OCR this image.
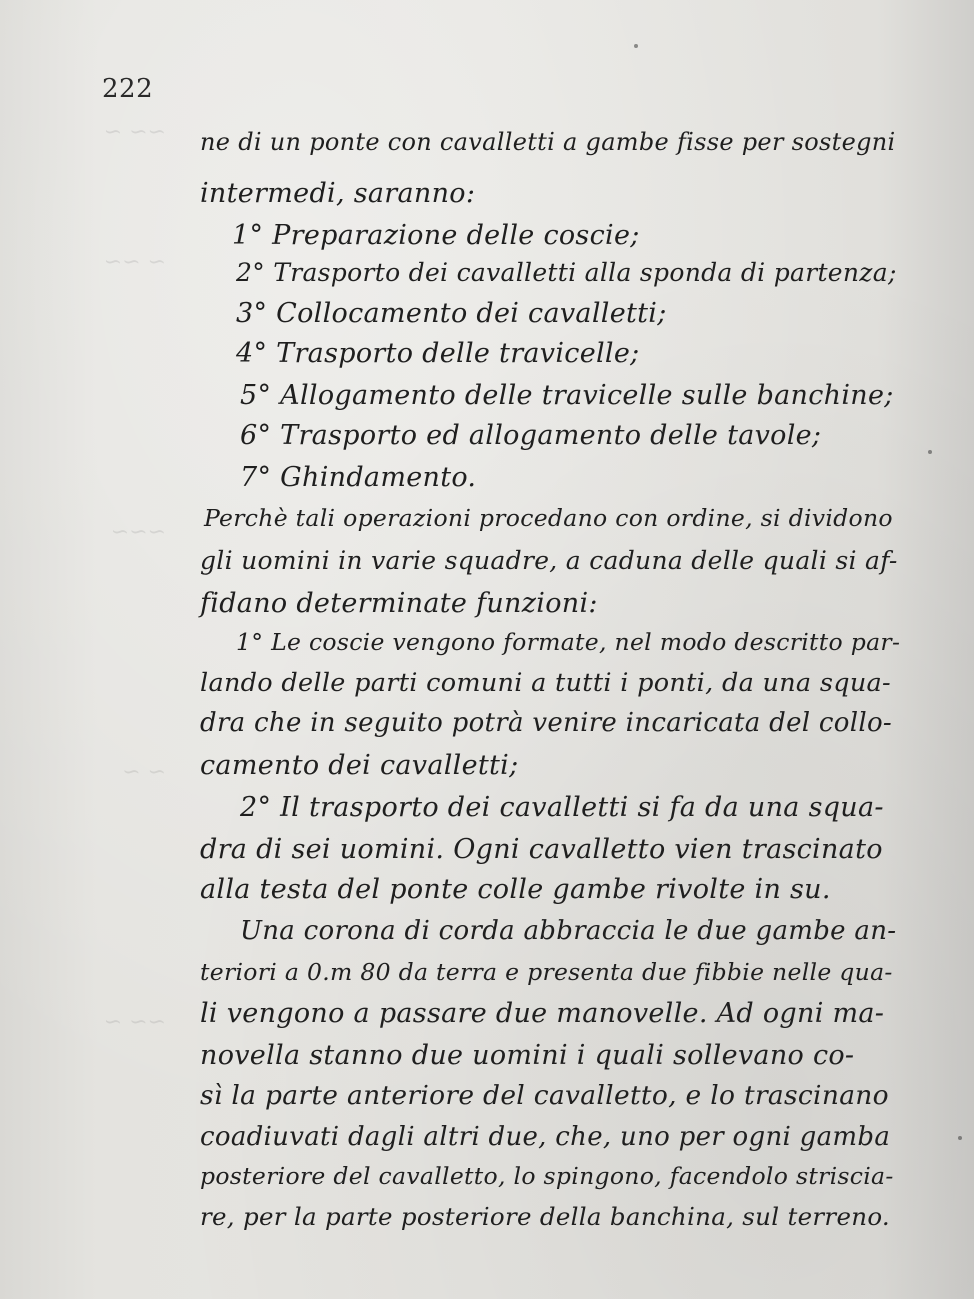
~~ ~
~ ~~
~~~
~ ~
~~ ~
222
ne di un ponte con cavalletti a gambe fisse per sostegni
intermedi, saranno:
1° Preparazione delle coscie;
2° Trasporto dei cavalletti alla sponda di partenza;
3° Collocamento dei cavalletti;
4° Trasporto delle travicelle;
5° Allogamento delle travicelle sulle banchine;
6° Trasporto ed allogamento delle tavole;
7° Ghindamento.
Perchè tali operazioni procedano con ordine, si dividono
gli uomini in varie squadre, a caduna delle quali si af-
fidano determinate funzioni:
1° Le coscie vengono formate, nel modo descritto par-
lando delle parti comuni a tutti i ponti, da una squa-
dra che in seguito potrà venire incaricata del collo-
camento dei cavalletti;
2° Il trasporto dei cavalletti si fa da una squa-
dra di sei uomini. Ogni cavalletto vien trascinato
alla testa del ponte colle gambe rivolte in su.
Una corona di corda abbraccia le due gambe an-
teriori a 0.m 80 da terra e presenta due fibbie nelle qua-
li vengono a passare due manovelle. Ad ogni ma-
novella stanno due uomini i quali sollevano co-
sì la parte anteriore del cavalletto, e lo trascinano
coadiuvati dagli altri due, che, uno per ogni gamba
posteriore del cavalletto, lo spingono, facendolo striscia-
re, per la parte posteriore della banchina, sul terreno.
